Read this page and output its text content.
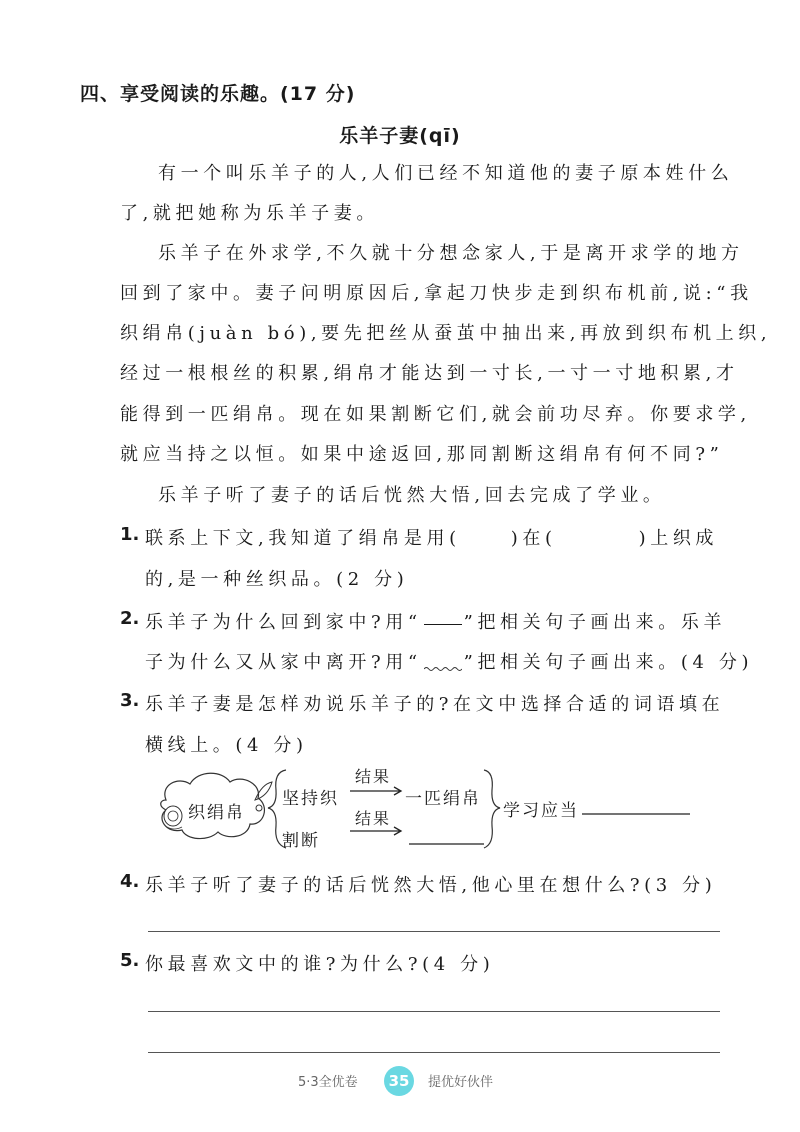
四、享受阅读的乐趣。(17 分)
乐羊子妻(qī)
有一个叫乐羊子的人,人们已经不知道他的妻子原本姓什么
了,就把她称为乐羊子妻。
乐羊子在外求学,不久就十分想念家人,于是离开求学的地方
回到了家中。妻子问明原因后,拿起刀快步走到织布机前,说:“我
织绢帛(juàn bó),要先把丝从蚕茧中抽出来,再放到织布机上织,
经过一根根丝的积累,绢帛才能达到一寸长,一寸一寸地积累,才
能得到一匹绢帛。现在如果割断它们,就会前功尽弃。你要求学,
就应当持之以恒。如果中途返回,那同割断这绢帛有何不同?”
乐羊子听了妻子的话后恍然大悟,回去完成了学业。
1. 联系上下文,我知道了绢帛是用(	)在(	)上织成
的,是一种丝织品。(2 分)
2. 乐羊子为什么回到家中?用“ ”把相关句子画出来。乐羊
子为什么又从家中离开?用“ ”把相关句子画出来。(4 分)
3. 乐羊子妻是怎样劝说乐羊子的?在文中选择合适的词语填在
横线上。(4 分)
织绢帛
坚持织
结果
一匹绢帛
割断
结果	学习应当
4. 乐羊子听了妻子的话后恍然大悟,他心里在想什么?(3 分)
5. 你最喜欢文中的谁?为什么?(4 分)
5·3全优卷	35	提优好伙伴
